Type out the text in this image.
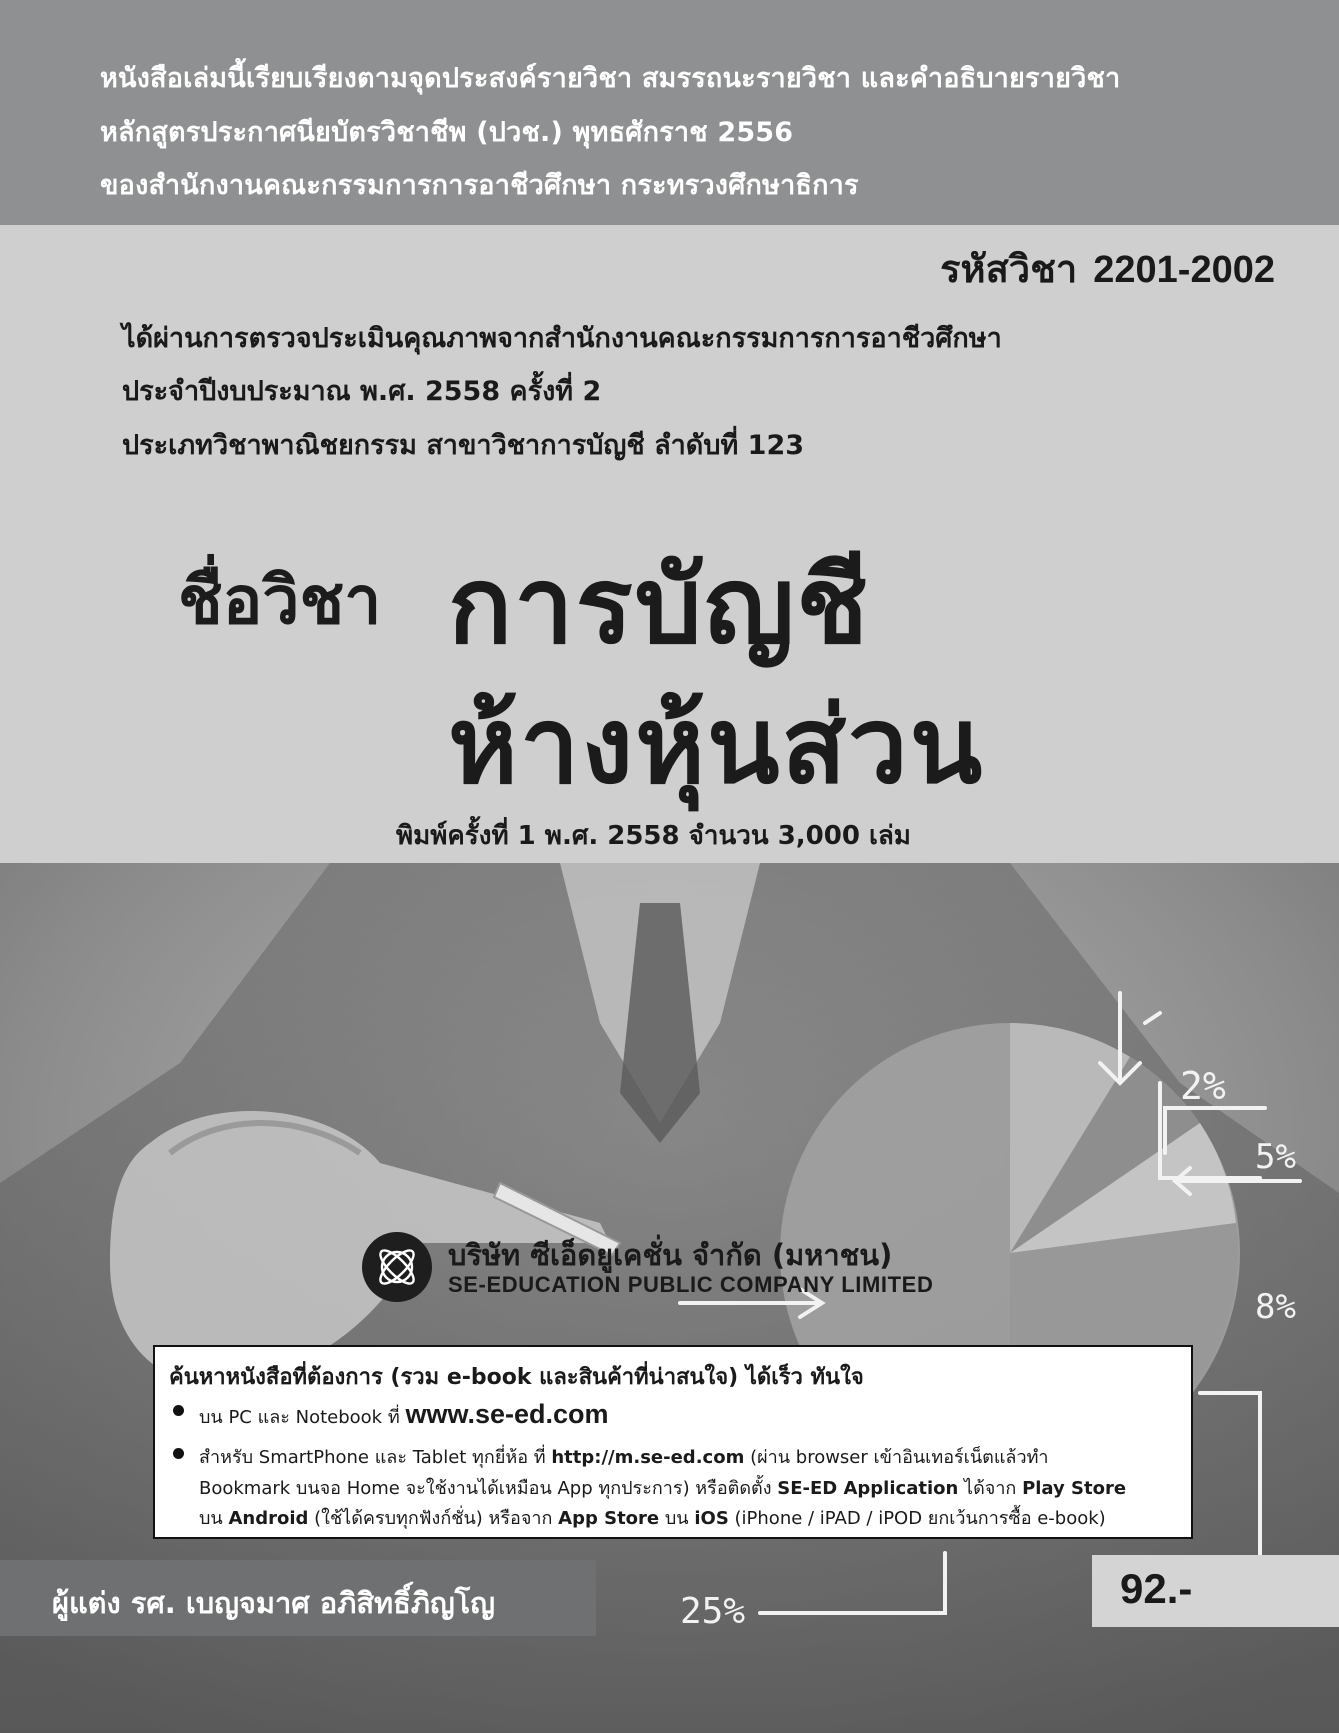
หนังสือเล่มนี้เรียบเรียงตามจุดประสงค์รายวิชา สมรรถนะรายวิชา และคำอธิบายรายวิชา
หลักสูตรประกาศนียบัตรวิชาชีพ (ปวช.) พุทธศักราช 2556
ของสำนักงานคณะกรรมการการอาชีวศึกษา กระทรวงศึกษาธิการ
รหัสวิชา 2201-2002
ได้ผ่านการตรวจประเมินคุณภาพจากสำนักงานคณะกรรมการการอาชีวศึกษา
ประจำปีงบประมาณ พ.ศ. 2558 ครั้งที่ 2
ประเภทวิชาพาณิชยกรรม สาขาวิชาการบัญชี ลำดับที่ 123
ชื่อวิชา การบัญชี
ห้างหุ้นส่วน
พิมพ์ครั้งที่ 1 พ.ศ. 2558 จำนวน 3,000 เล่ม
2%
5%
8%
25%
บริษัท ซีเอ็ดยูเคชั่น จำกัด (มหาชน)
SE-EDUCATION PUBLIC COMPANY LIMITED
ค้นหาหนังสือที่ต้องการ (รวม e-book และสินค้าที่น่าสนใจ) ได้เร็ว ทันใจ
บน PC และ Notebook ที่ www.se-ed.com
สำหรับ SmartPhone และ Tablet ทุกยี่ห้อ ที่ http://m.se-ed.com (ผ่าน browser เข้าอินเทอร์เน็ตแล้วทำ
Bookmark บนจอ Home จะใช้งานได้เหมือน App ทุกประการ) หรือติดตั้ง SE-ED Application ได้จาก Play Store
บน Android (ใช้ได้ครบทุกฟังก์ชั่น) หรือจาก App Store บน iOS (iPhone / iPAD / iPOD ยกเว้นการซื้อ e-book)
ผู้แต่ง รศ. เบญจมาศ อภิสิทธิ์ภิญโญ	92.-
